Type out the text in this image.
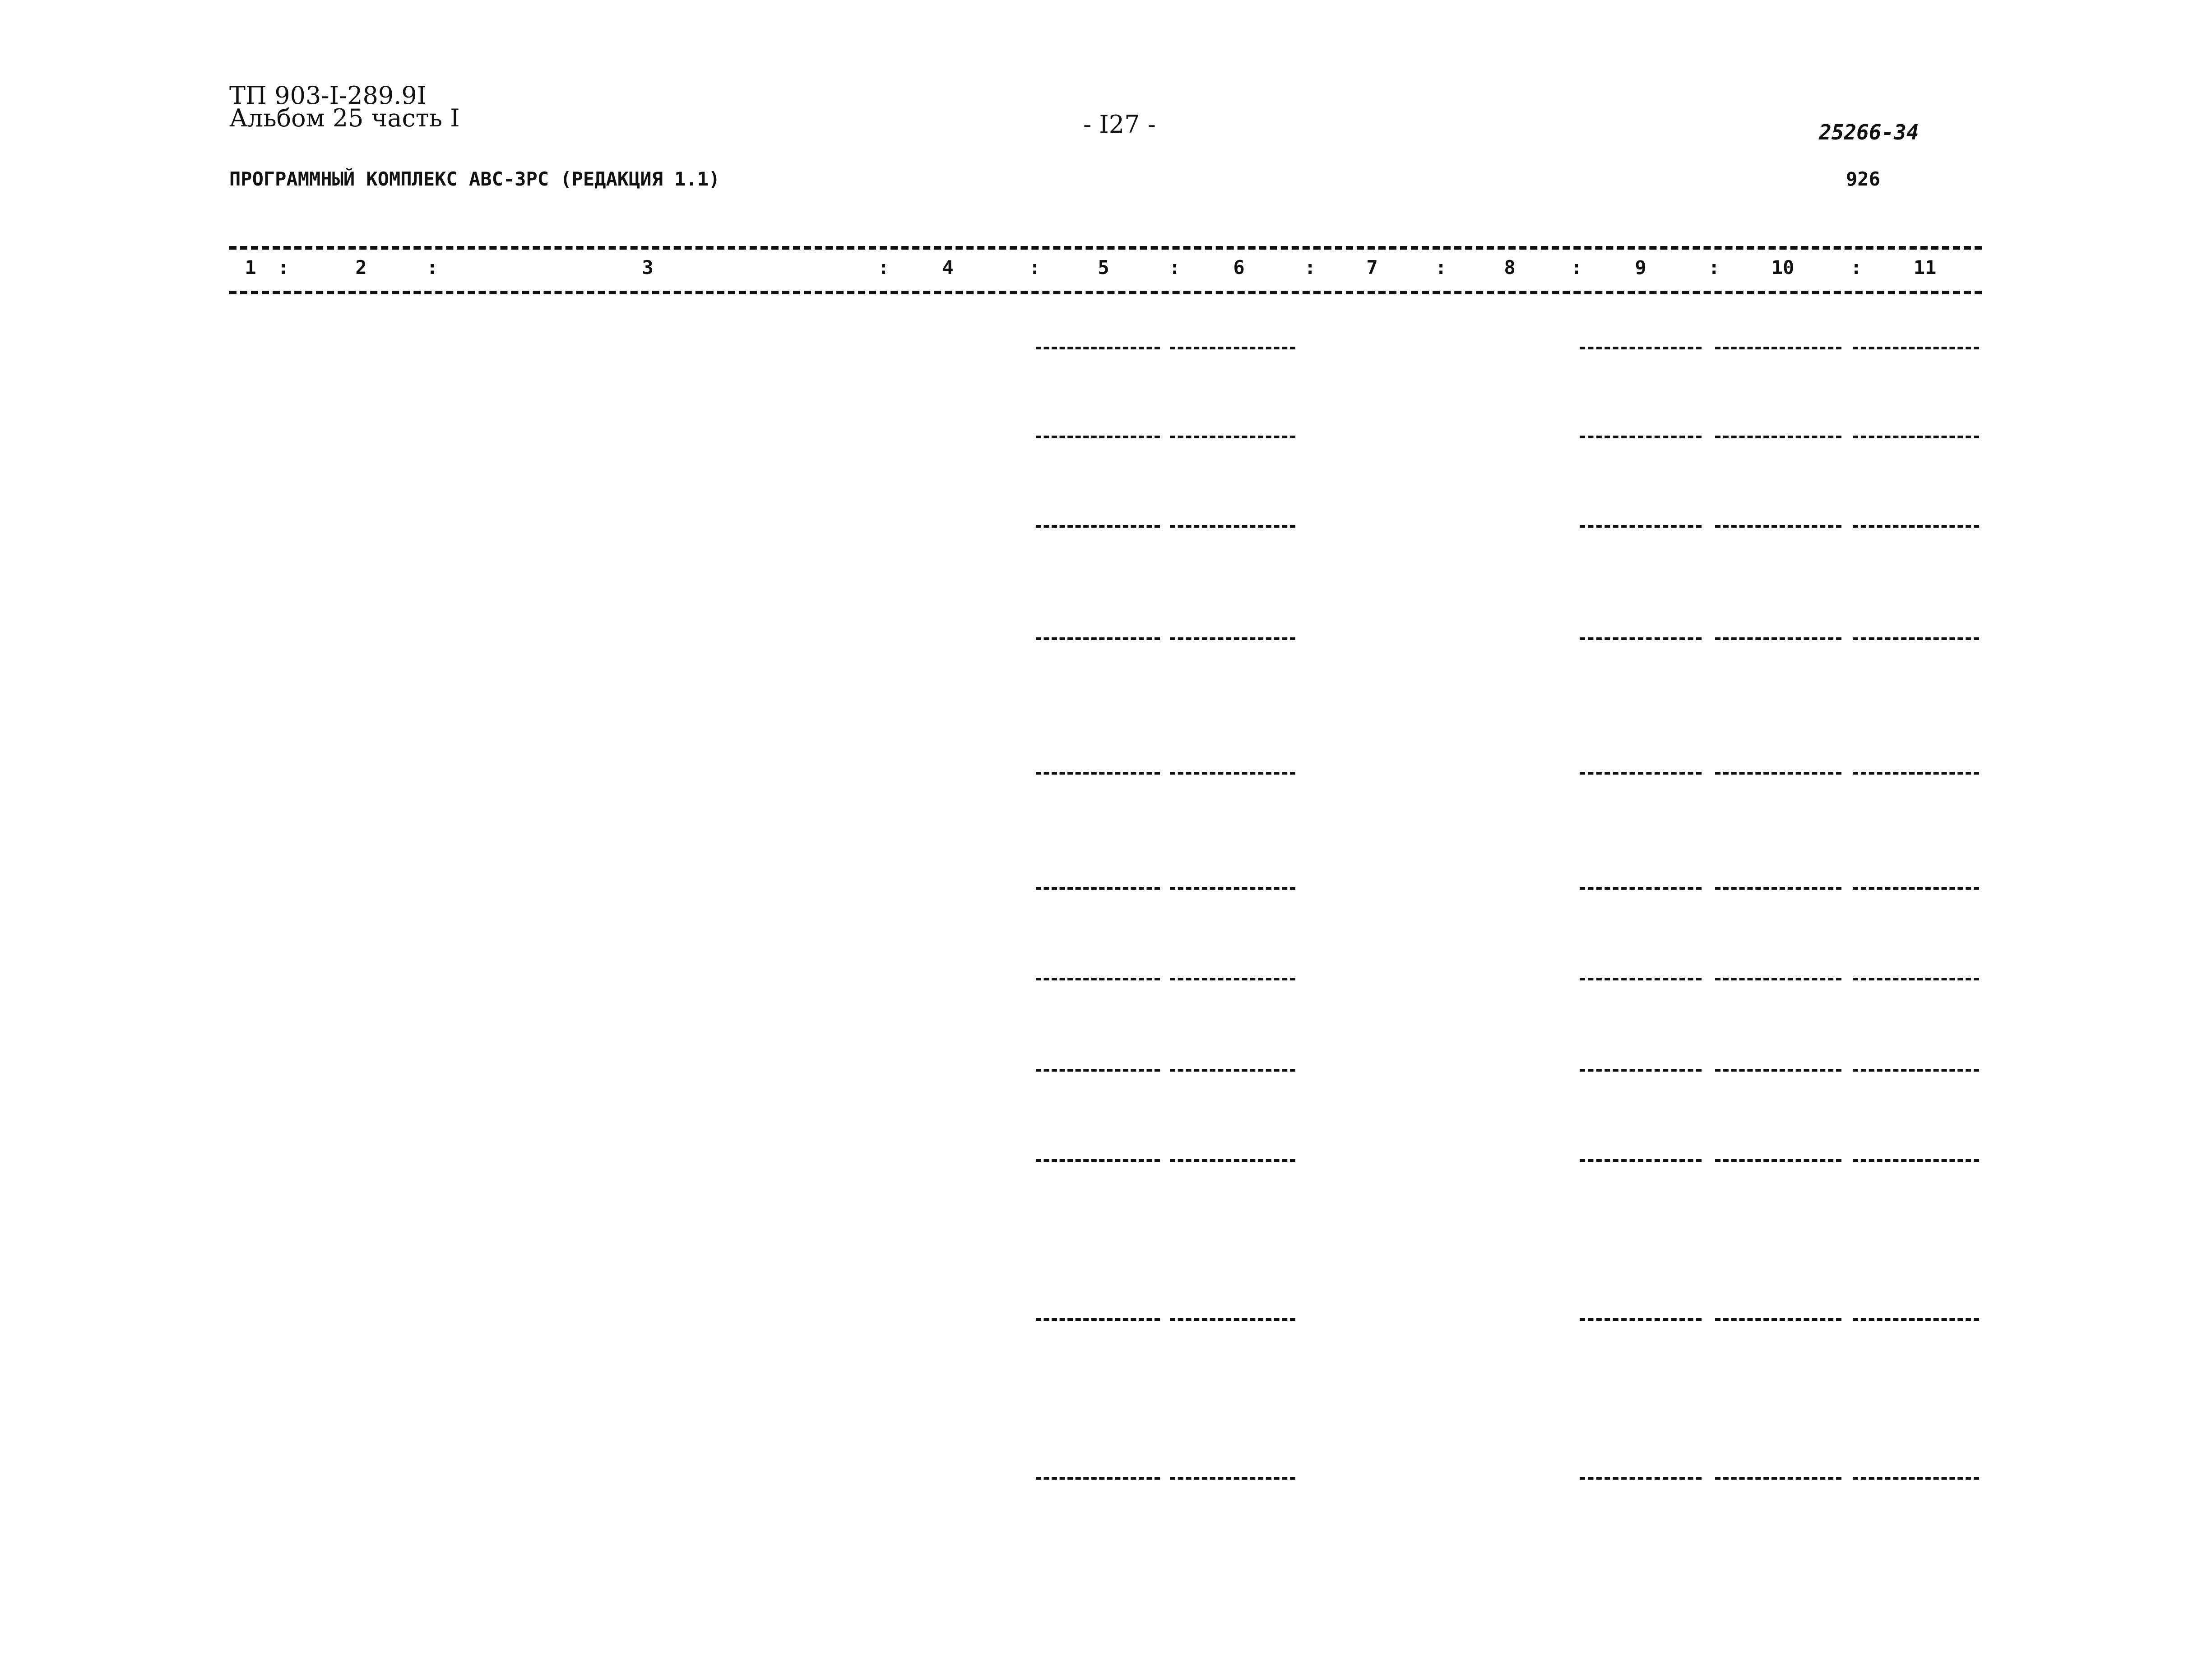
ТП 903-I-289.9I
Альбом 25 часть I	- I27 -	25266-34
ПРОГРАММНЫЙ КОМПЛЕКС АВС-3РС (РЕДАКЦИЯ 1.1)	926
1	2	3	4	5	6	7	8	9	10	11
:	:	:	:	:	:	:	:	:	:
